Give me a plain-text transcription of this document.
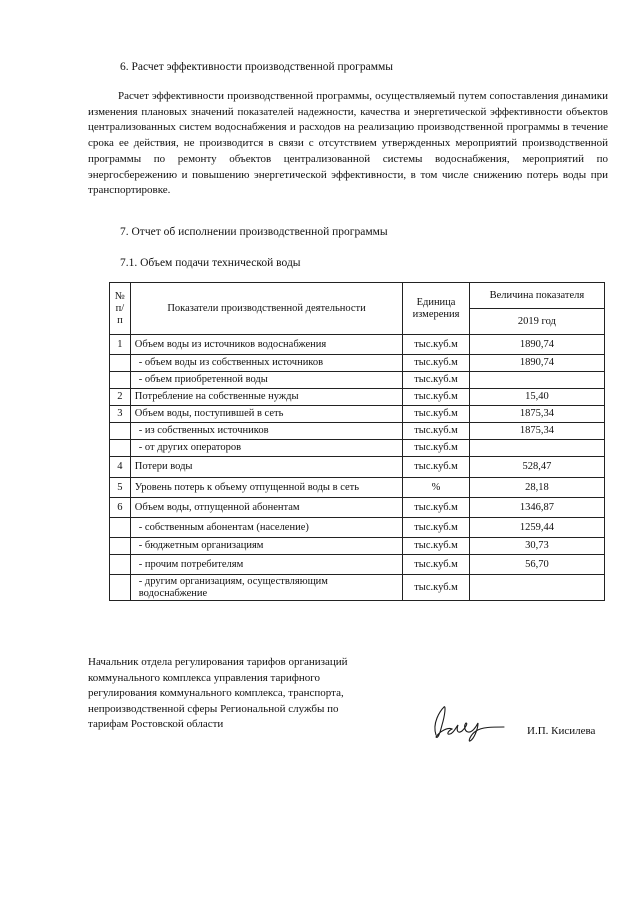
6. Расчет эффективности производственной программы

Расчет эффективности производственной программы, осуществляемый путем сопоставления динамики изменения плановых значений показателей надежности, качества и энергетической эффективности объектов централизованных систем водоснабжения и расходов на реализацию производственной программы в течение срока ее действия, не производится в связи с отсутствием утвержденных мероприятий производственной программы по ремонту объектов централизованной системы водоснабжения, мероприятий по энергосбережению и повышению энергетической эффективности, в том числе снижению потерь воды при транспортировке.

7. Отчет об исполнении производственной программы
7.1. Объем подачи технической воды
№ п/п	Показатели производственной деятельности	Единица измерения	Величина показателя
			2019 год
1	Объем воды из источников водоснабжения	тыс.куб.м	1890,74
	- объем воды из собственных источников	тыс.куб.м	1890,74
	- объем приобретенной воды	тыс.куб.м	
2	Потребление на собственные нужды	тыс.куб.м	15,40
3	Объем воды, поступившей в сеть	тыс.куб.м	1875,34
	- из собственных источников	тыс.куб.м	1875,34
	- от других операторов	тыс.куб.м	
4	Потери воды	тыс.куб.м	528,47
5	Уровень потерь к объему отпущенной воды в сеть	%	28,18
6	Объем воды, отпущенной абонентам	тыс.куб.м	1346,87
	- собственным абонентам (население)	тыс.куб.м	1259,44
	- бюджетным организациям	тыс.куб.м	30,73
	- прочим потребителям	тыс.куб.м	56,70
	- другим организациям, осуществляющим водоснабжение	тыс.куб.м	
Начальник отдела регулирования тарифов организаций
коммунального комплекса управления тарифного
регулирования коммунального комплекса, транспорта,
непроизводственной сферы Региональной службы по
тарифам Ростовской области
И.П. Кисилева
